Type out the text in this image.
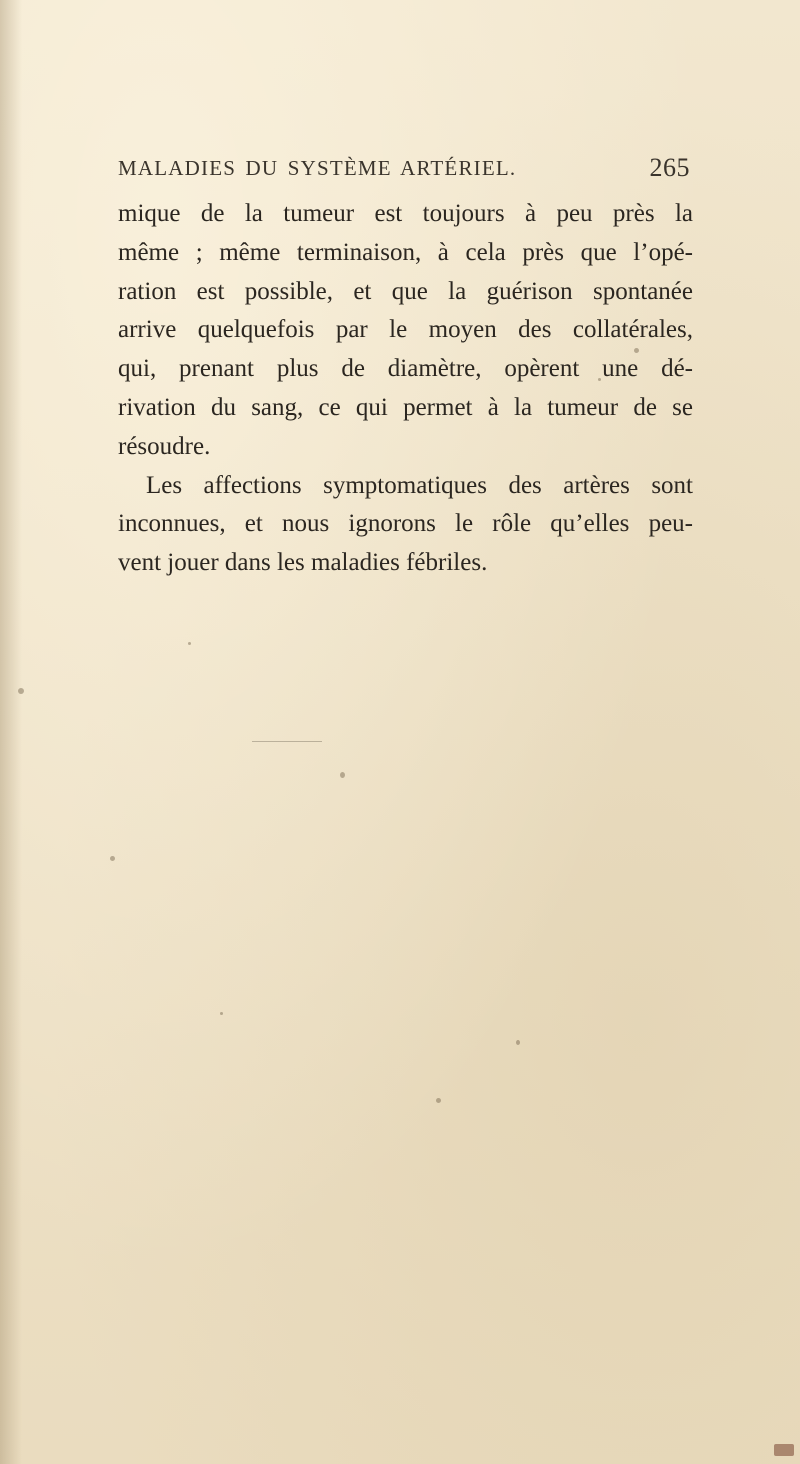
MALADIES DU SYSTÈME ARTÉRIEL.	265
mique de la tumeur est toujours à peu près la
même ; même terminaison, à cela près que l’opé-
ration est possible, et que la guérison spontanée
arrive quelquefois par le moyen des collatérales,
qui, prenant plus de diamètre, opèrent une dé-
rivation du sang, ce qui permet à la tumeur de se
résoudre.
Les affections symptomatiques des artères sont
inconnues, et nous ignorons le rôle qu’elles peu-
vent jouer dans les maladies fébriles.
